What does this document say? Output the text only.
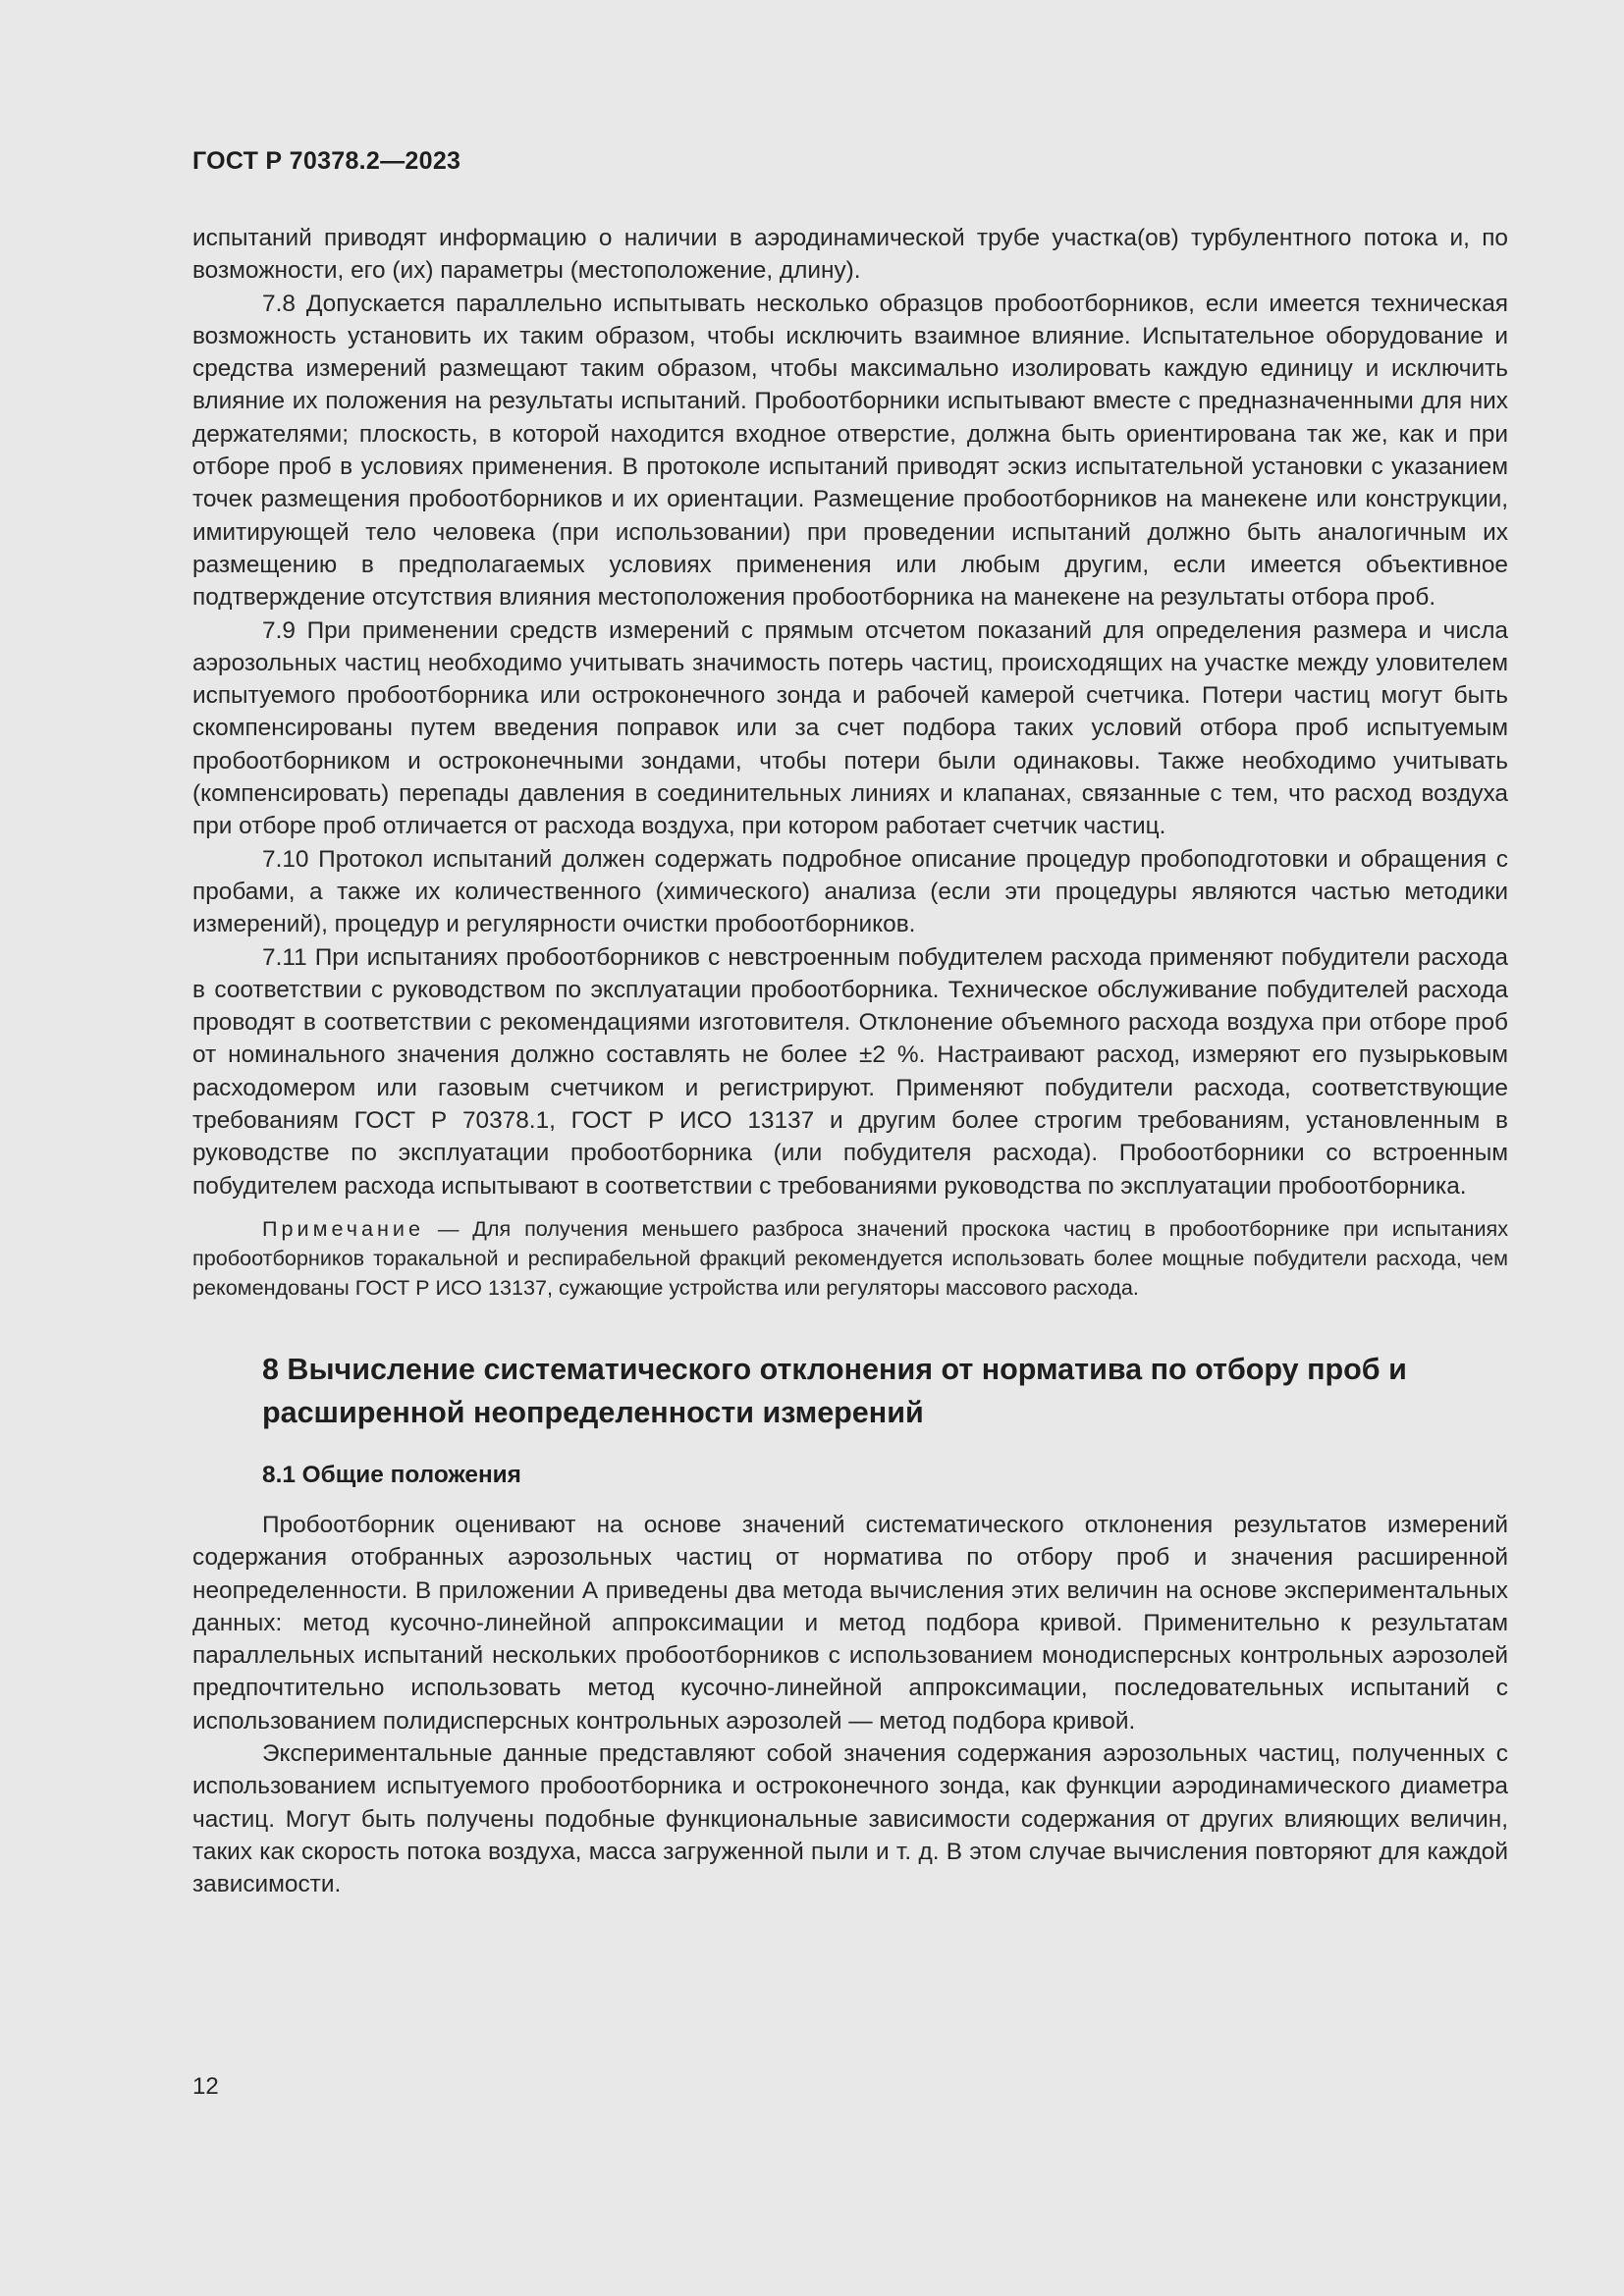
ГОСТ Р 70378.2—2023

испытаний приводят информацию о наличии в аэродинамической трубе участка(ов) турбулентного потока и, по возможности, его (их) параметры (местоположение, длину).

7.8 Допускается параллельно испытывать несколько образцов пробоотборников, если имеется техническая возможность установить их таким образом, чтобы исключить взаимное влияние. Испытательное оборудование и средства измерений размещают таким образом, чтобы максимально изолировать каждую единицу и исключить влияние их положения на результаты испытаний. Пробоотборники испытывают вместе с предназначенными для них держателями; плоскость, в которой находится входное отверстие, должна быть ориентирована так же, как и при отборе проб в условиях применения. В протоколе испытаний приводят эскиз испытательной установки с указанием точек размещения пробоотборников и их ориентации. Размещение пробоотборников на манекене или конструкции, имитирующей тело человека (при использовании) при проведении испытаний должно быть аналогичным их размещению в предполагаемых условиях применения или любым другим, если имеется объективное подтверждение отсутствия влияния местоположения пробоотборника на манекене на результаты отбора проб.

7.9 При применении средств измерений с прямым отсчетом показаний для определения размера и числа аэрозольных частиц необходимо учитывать значимость потерь частиц, происходящих на участке между уловителем испытуемого пробоотборника или остроконечного зонда и рабочей камерой счетчика. Потери частиц могут быть скомпенсированы путем введения поправок или за счет подбора таких условий отбора проб испытуемым пробоотборником и остроконечными зондами, чтобы потери были одинаковы. Также необходимо учитывать (компенсировать) перепады давления в соединительных линиях и клапанах, связанные с тем, что расход воздуха при отборе проб отличается от расхода воздуха, при котором работает счетчик частиц.

7.10 Протокол испытаний должен содержать подробное описание процедур пробоподготовки и обращения с пробами, а также их количественного (химического) анализа (если эти процедуры являются частью методики измерений), процедур и регулярности очистки пробоотборников.

7.11 При испытаниях пробоотборников с невстроенным побудителем расхода применяют побудители расхода в соответствии с руководством по эксплуатации пробоотборника. Техническое обслуживание побудителей расхода проводят в соответствии с рекомендациями изготовителя. Отклонение объемного расхода воздуха при отборе проб от номинального значения должно составлять не более ±2 %. Настраивают расход, измеряют его пузырьковым расходомером или газовым счетчиком и регистрируют. Применяют побудители расхода, соответствующие требованиям ГОСТ Р 70378.1, ГОСТ Р ИСО 13137 и другим более строгим требованиям, установленным в руководстве по эксплуатации пробоотборника (или побудителя расхода). Пробоотборники со встроенным побудителем расхода испытывают в соответствии с требованиями руководства по эксплуатации пробоотборника.

Примечание — Для получения меньшего разброса значений проскока частиц в пробоотборнике при испытаниях пробоотборников торакальной и респирабельной фракций рекомендуется использовать более мощные побудители расхода, чем рекомендованы ГОСТ Р ИСО 13137, сужающие устройства или регуляторы массового расхода.

8 Вычисление систематического отклонения от норматива по отбору проб и расширенной неопределенности измерений
8.1 Общие положения

Пробоотборник оценивают на основе значений систематического отклонения результатов измерений содержания отобранных аэрозольных частиц от норматива по отбору проб и значения расширенной неопределенности. В приложении А приведены два метода вычисления этих величин на основе экспериментальных данных: метод кусочно-линейной аппроксимации и метод подбора кривой. Применительно к результатам параллельных испытаний нескольких пробоотборников с использованием монодисперсных контрольных аэрозолей предпочтительно использовать метод кусочно-линейной аппроксимации, последовательных испытаний с использованием полидисперсных контрольных аэрозолей — метод подбора кривой.

Экспериментальные данные представляют собой значения содержания аэрозольных частиц, полученных с использованием испытуемого пробоотборника и остроконечного зонда, как функции аэродинамического диаметра частиц. Могут быть получены подобные функциональные зависимости содержания от других влияющих величин, таких как скорость потока воздуха, масса загруженной пыли и т. д. В этом случае вычисления повторяют для каждой зависимости.

12
